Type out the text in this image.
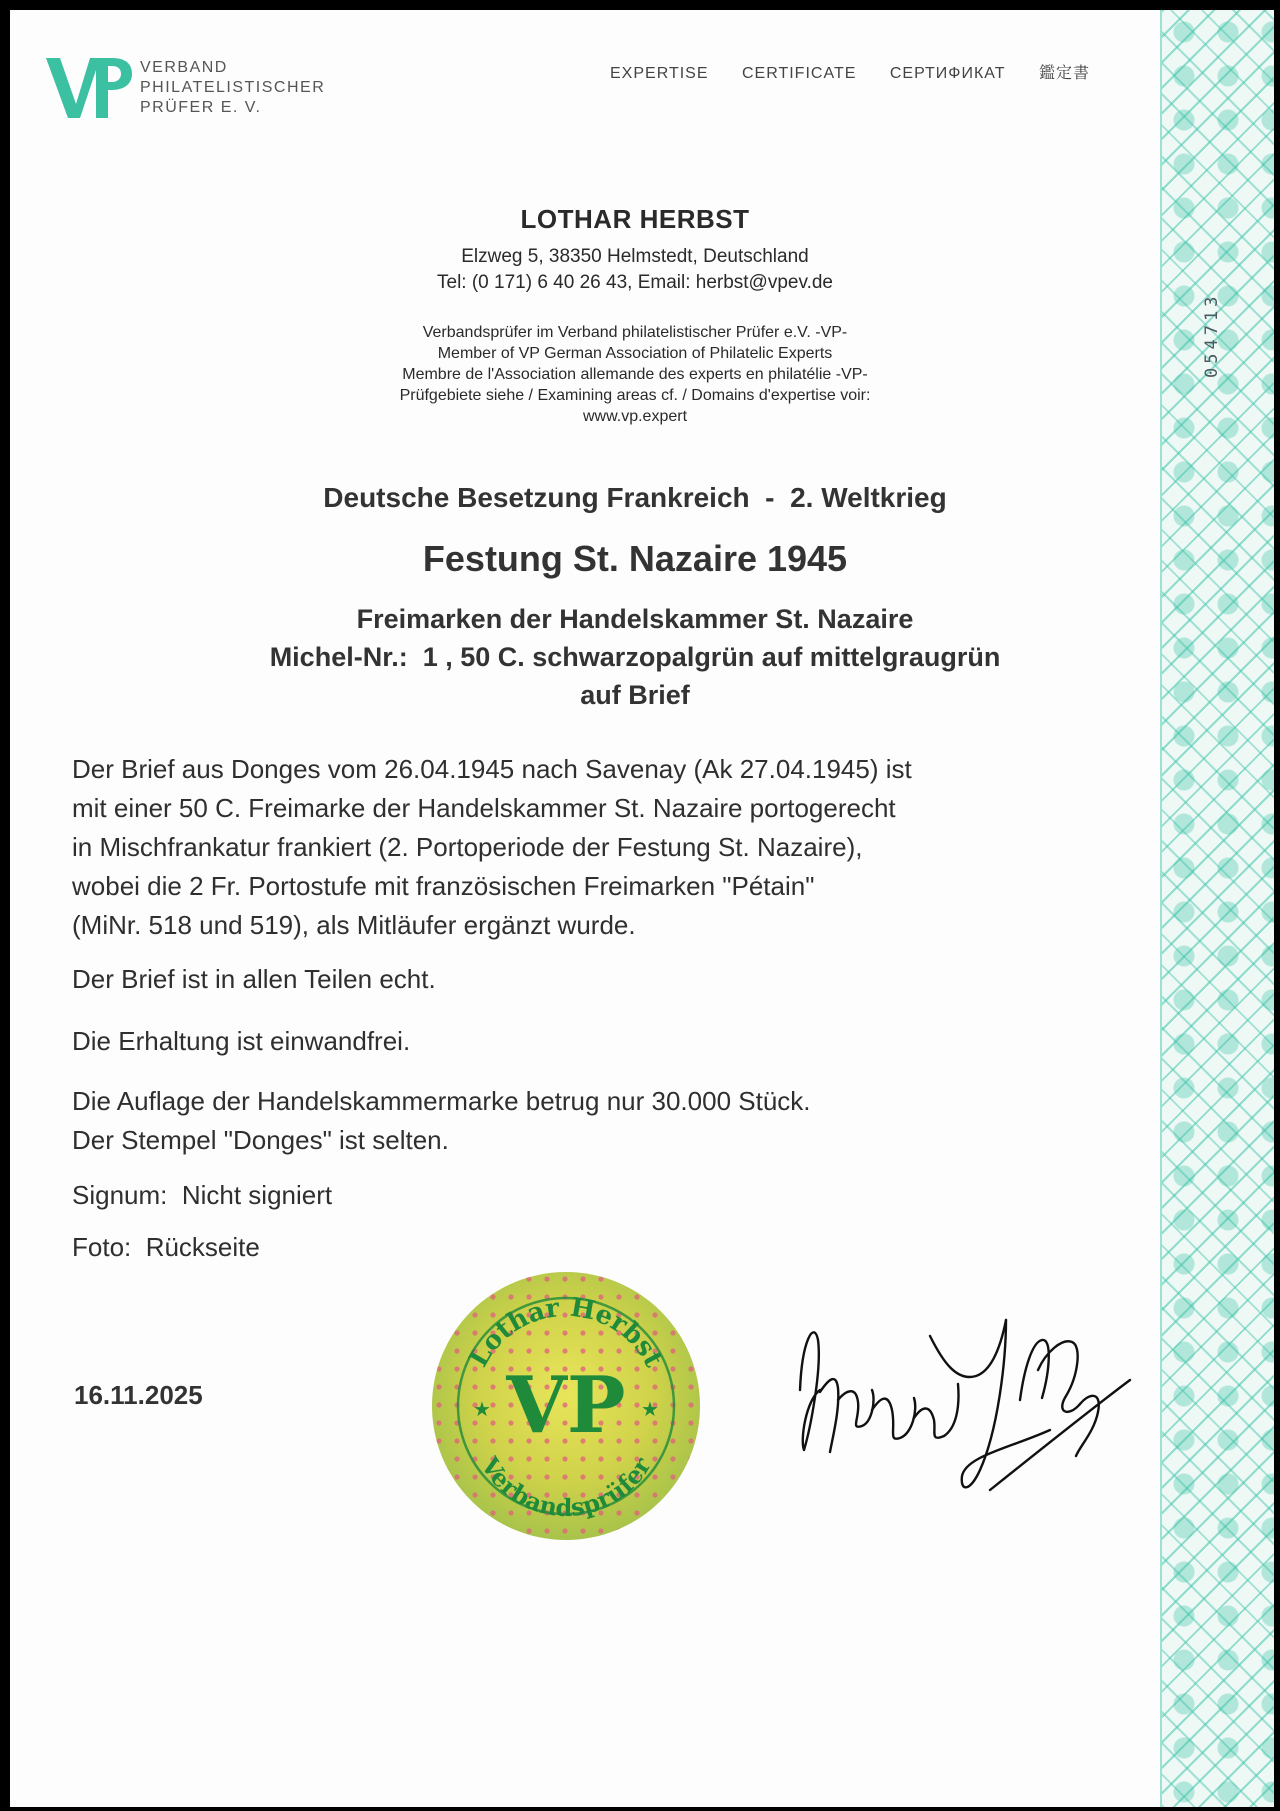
054713
VERBAND
PHILATELISTISCHER
PRÜFER E. V.
EXPERTISE CERTIFICATE СЕРТИФИКАТ 鑑定書
LOTHAR HERBST
Elzweg 5, 38350 Helmstedt, Deutschland
Tel: (0 171) 6 40 26 43, Email: herbst@vpev.de
Verbandsprüfer im Verband philatelistischer Prüfer e.V. -VP-
Member of VP German Association of Philatelic Experts
Membre de l'Association allemande des experts en philatélie -VP-
Prüfgebiete siehe / Examining areas cf. / Domains d'expertise voir:
www.vp.expert
Deutsche Besetzung Frankreich  -  2. Weltkrieg
Festung St. Nazaire 1945
Freimarken der Handelskammer St. Nazaire
Michel-Nr.:  1 , 50 C. schwarzopalgrün auf mittelgraugrün
auf Brief
Der Brief aus Donges vom 26.04.1945 nach Savenay (Ak 27.04.1945) ist
mit einer 50 C. Freimarke der Handelskammer St. Nazaire portogerecht
in Mischfrankatur frankiert (2. Portoperiode der Festung St. Nazaire),
wobei die 2 Fr. Portostufe mit französischen Freimarken "Pétain"
(MiNr. 518 und 519), als Mitläufer ergänzt wurde.
Der Brief ist in allen Teilen echt.
Die Erhaltung ist einwandfrei.
Die Auflage der Handelskammermarke betrug nur 30.000 Stück.
Der Stempel "Donges" ist selten.
Signum:  Nicht signiert
Foto:  Rückseite
Lothar Herbst
Verbandsprüfer
VP
★	★
16.11.2025
